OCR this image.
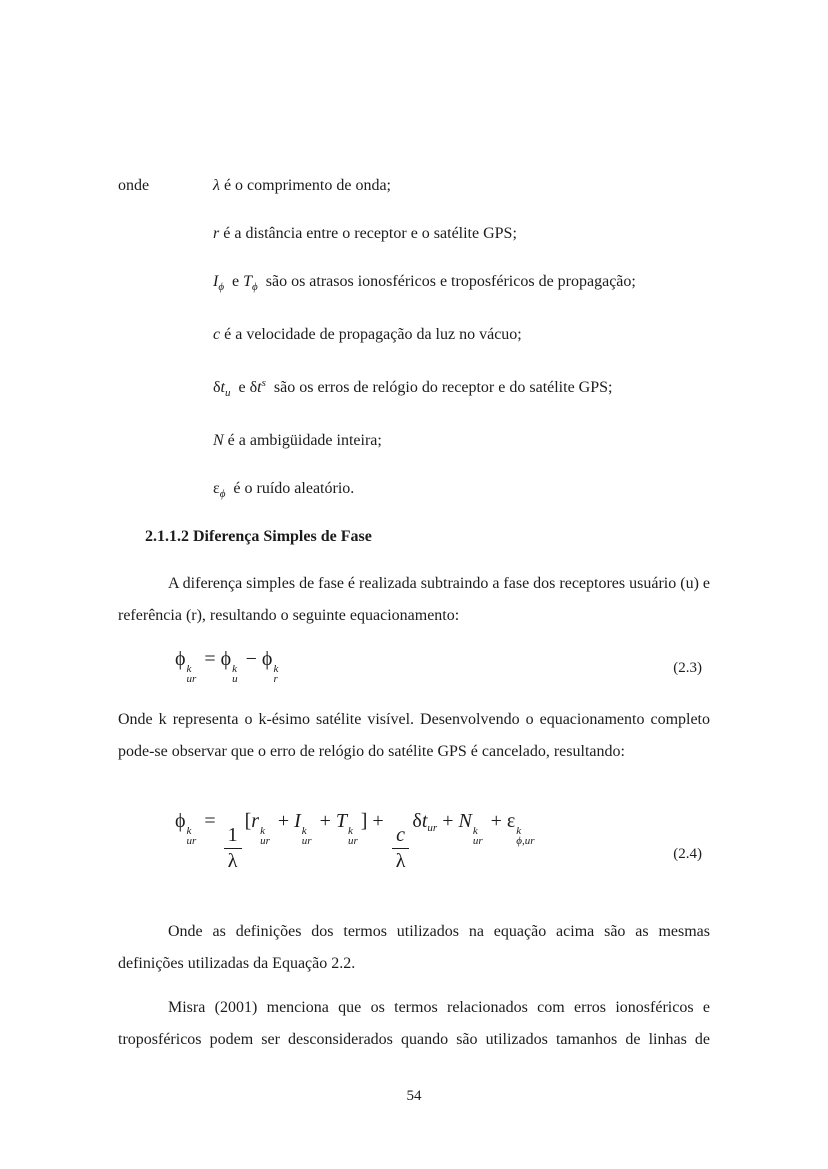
onde	λ é o comprimento de onda;
r é a distância entre o receptor e o satélite GPS;
$I_\phi$  e $T_\phi$  são os atrasos ionosféricos e troposféricos de propagação;
c é a velocidade de propagação da luz no vácuo;
$\delta t_u$  e $\delta t^s$  são os erros de relógio do receptor e do satélite GPS;
N é a ambigüidade inteira;
$\varepsilon_\phi$  é o ruído aleatório.
2.1.1.2 Diferença Simples de Fase
A diferença simples de fase é realizada subtraindo a fase dos receptores usuário (u) e referência (r), resultando o seguinte equacionamento:
ϕ k
ur
= ϕ k
u
− ϕ k
r
(2.3)
Onde k representa o k-ésimo satélite visível. Desenvolvendo o equacionamento completo pode-se observar que o erro de relógio do satélite GPS é cancelado, resultando:
ϕ k
ur
=
$\frac{1}{\lambda}$
[r k
ur
+ I k
ur
+ T k
ur
] +
$\frac{c}{\lambda}$
$\delta t_{ur} + N$ k
ur
+ ε k
ϕ,ur
(2.4)
Onde as definições dos termos utilizados na equação acima são as mesmas definições utilizadas da Equação 2.2.
Misra (2001) menciona que os termos relacionados com erros ionosféricos e troposféricos podem ser desconsiderados quando são utilizados tamanhos de linhas de
54
